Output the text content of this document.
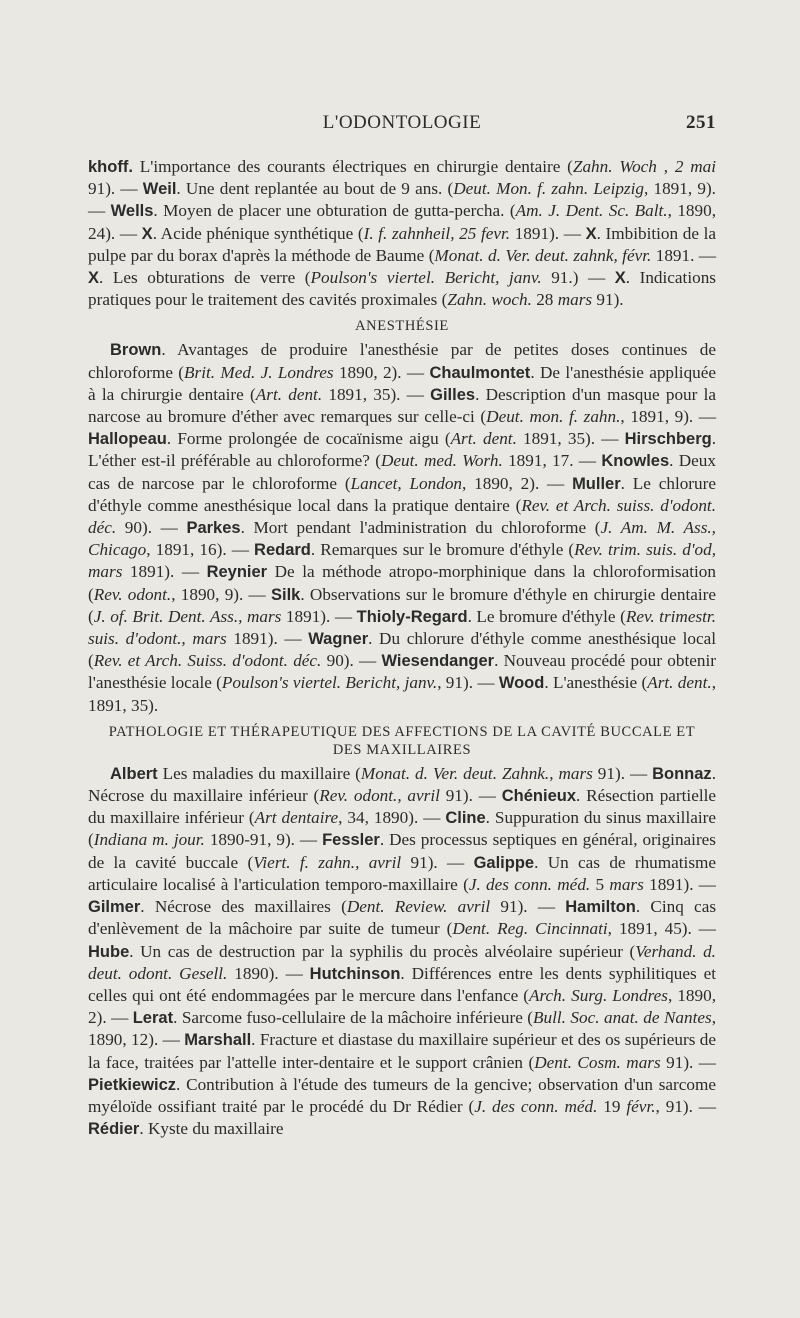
L'ODONTOLOGIE	251

khoff. L'importance des courants électriques en chirurgie dentaire (Zahn. Woch , 2 mai 91). — Weil. Une dent replantée au bout de 9 ans. (Deut. Mon. f. zahn. Leipzig, 1891, 9). — Wells. Moyen de placer une obturation de gutta-percha. (Am. J. Dent. Sc. Balt., 1890, 24). — X. Acide phénique synthétique (I. f. zahnheil, 25 fevr. 1891). — X. Imbibition de la pulpe par du borax d'après la méthode de Baume (Monat. d. Ver. deut. zahnk, févr. 1891. — X. Les obturations de verre (Poulson's viertel. Bericht, janv. 91.) — X. Indications pratiques pour le traitement des cavités proximales (Zahn. woch. 28 mars 91).

ANESTHÉSIE

Brown. Avantages de produire l'anesthésie par de petites doses continues de chloroforme (Brit. Med. J. Londres 1890, 2). — Chaulmontet. De l'anesthésie appliquée à la chirurgie dentaire (Art. dent. 1891, 35). — Gilles. Description d'un masque pour la narcose au bromure d'éther avec remarques sur celle-ci (Deut. mon. f. zahn., 1891, 9). — Hallopeau. Forme prolongée de cocaïnisme aigu (Art. dent. 1891, 35). — Hirschberg. L'éther est-il préférable au chloroforme? (Deut. med. Worh. 1891, 17. — Knowles. Deux cas de narcose par le chloroforme (Lancet, London, 1890, 2). — Muller. Le chlorure d'éthyle comme anesthésique local dans la pratique dentaire (Rev. et Arch. suiss. d'odont. déc. 90). — Parkes. Mort pendant l'administration du chloroforme (J. Am. M. Ass., Chicago, 1891, 16). — Redard. Remarques sur le bromure d'éthyle (Rev. trim. suis. d'od, mars 1891). — Reynier De la méthode atropo-morphinique dans la chloroformisation (Rev. odont., 1890, 9). — Silk. Observations sur le bromure d'éthyle en chirurgie dentaire (J. of. Brit. Dent. Ass., mars 1891). — Thioly-Regard. Le bromure d'éthyle (Rev. trimestr. suis. d'odont., mars 1891). — Wagner. Du chlorure d'éthyle comme anesthésique local (Rev. et Arch. Suiss. d'odont. déc. 90). — Wiesendanger. Nouveau procédé pour obtenir l'anesthésie locale (Poulson's viertel. Bericht, janv., 91). — Wood. L'anesthésie (Art. dent., 1891, 35).

PATHOLOGIE ET THÉRAPEUTIQUE DES AFFECTIONS DE LA CAVITÉ BUCCALE ET DES MAXILLAIRES

Albert Les maladies du maxillaire (Monat. d. Ver. deut. Zahnk., mars 91). — Bonnaz. Nécrose du maxillaire inférieur (Rev. odont., avril 91). — Chénieux. Résection partielle du maxillaire inférieur (Art dentaire, 34, 1890). — Cline. Suppuration du sinus maxillaire (Indiana m. jour. 1890-91, 9). — Fessler. Des processus septiques en général, originaires de la cavité buccale (Viert. f. zahn., avril 91). — Galippe. Un cas de rhumatisme articulaire localisé à l'articulation temporo-maxillaire (J. des conn. méd. 5 mars 1891). — Gilmer. Nécrose des maxillaires (Dent. Review. avril 91). — Hamilton. Cinq cas d'enlèvement de la mâchoire par suite de tumeur (Dent. Reg. Cincinnati, 1891, 45). — Hube. Un cas de destruction par la syphilis du procès alvéolaire supérieur (Verhand. d. deut. odont. Gesell. 1890). — Hutchinson. Différences entre les dents syphilitiques et celles qui ont été endommagées par le mercure dans l'enfance (Arch. Surg. Londres, 1890, 2). — Lerat. Sarcome fuso-cellulaire de la mâchoire inférieure (Bull. Soc. anat. de Nantes, 1890, 12). — Marshall. Fracture et diastase du maxillaire supérieur et des os supérieurs de la face, traitées par l'attelle inter-dentaire et le support crânien (Dent. Cosm. mars 91). — Pietkiewicz. Contribution à l'étude des tumeurs de la gencive; observation d'un sarcome myéloïde ossifiant traité par le procédé du Dr Rédier (J. des conn. méd. 19 févr., 91). — Rédier. Kyste du maxillaire
